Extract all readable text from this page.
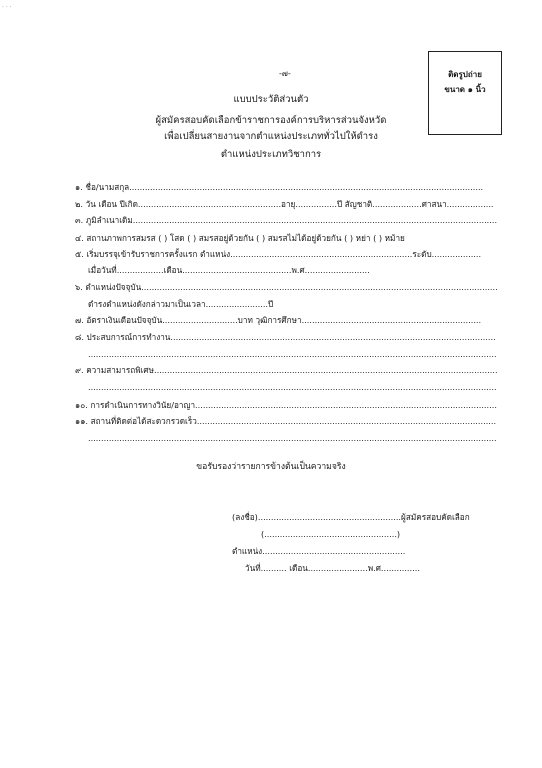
· · ·
-๗-	ติดรูปถ่าย
ขนาด ๑ นิ้ว
แบบประวัติส่วนตัว
ผู้สมัครสอบคัดเลือกข้าราชการองค์การบริหารส่วนจังหวัด
เพื่อเปลี่ยนสายงานจากตำแหน่งประเภททั่วไปให้ดำรง
ตำแหน่งประเภทวิชาการ
๑. ชื่อ/นามสกุล........................................................................................................................................
๒. วัน เดือน ปีเกิด.......................................................อายุ................ปี สัญชาติ...................ศาสนา..................
๓. ภูมิลำเนาเดิม............................................................................................................................................
๔. สถานภาพการสมรส ( ) โสด ( ) สมรสอยู่ด้วยกัน ( ) สมรสไม่ได้อยู่ด้วยกัน ( ) หย่า ( ) หม้าย
๕. เริ่มบรรจุเข้ารับราชการครั้งแรก ตำแหน่ง......................................................................ระดับ...................
เมื่อวันที่..................เดือน..........................................พ.ศ.........................
๖. ตำแหน่งปัจจุบัน.........................................................................................................................................
ดำรงตำแหน่งดังกล่าวมาเป็นเวลา........................ปี
๗. อัตราเงินเดือนปัจจุบัน.............................บาท วุฒิการศึกษา.....................................................................
๘. ประสบการณ์การทำงาน.............................................................................................................................
.............................................................................................................................................................
๙. ความสามารถพิเศษ....................................................................................................................................
.............................................................................................................................................................
๑๐. การดำเนินการทางวินัย/อาญา....................................................................................................................
๑๑. สถานที่ติดต่อได้สะดวกรวดเร็ว...................................................................................................................
.............................................................................................................................................................
ขอรับรองว่ารายการข้างต้นเป็นความจริง
(ลงชื่อ).......................................................ผู้สมัครสอบคัดเลือก
(...................................................)
ตำแหน่ง.......................................................
วันที่.......... เดือน.......................พ.ศ...............
